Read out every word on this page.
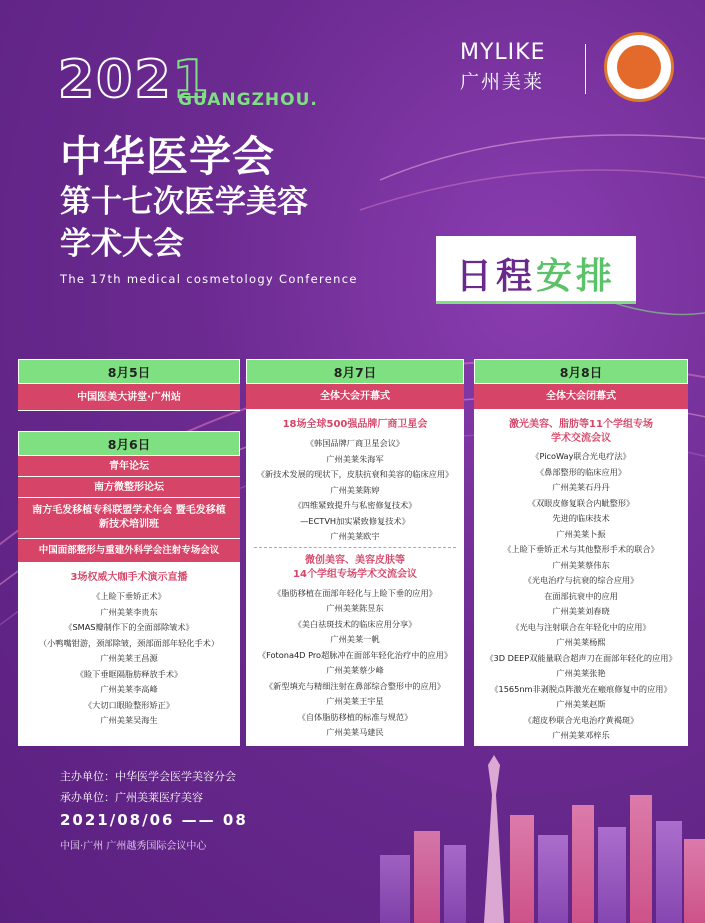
2021
GUANGZHOU.
中华医学会
第十七次医学美容
学术大会
The 17th medical cosmetology Conference
MYLIKE
广州美莱
日程安排
8月5日
中国医美大讲堂·广州站
8月6日
青年论坛
南方微整形论坛
南方毛发移植专科联盟学术年会 暨毛发移植新技术培训班
中国面部整形与重建外科学会注射专场会议
3场权威大咖手术演示直播
《上睑下垂矫正术》
广州美莱李贵东
《SMAS瓣制作下的全面部除皱术》
（小鸭嘴钳游，颈部除皱，颈部面部年轻化手术）
广州美莱王昌源
《睑下垂眶隔脂肪释放手术》
广州美莱李高峰
《大切口眼睑整形矫正》
广州美莱吴海生
8月7日
全体大会开幕式
18场全球500强品牌厂商卫星会
《韩国品牌厂商卫星会议》
广州美莱朱海军
《新技术发展的现状下，皮肤抗衰和美容的临床应用》
广州美莱陈婷
《四维紧致提升与私密修复技术》
—ECTVH加实紧致修复技术》
广州美莱欧宇
微创美容、美容皮肤等
14个学组专场学术交流会议
《脂肪移植在面部年轻化与上睑下垂的应用》
广州美莱陈昱东
《美白祛斑技术的临床应用分享》
广州美莱一帆
《Fotona4D Pro超脉冲在面部年轻化治疗中的应用》
广州美莱蔡少峰
《新型填充与精细注射在鼻部综合整形中的应用》
广州美莱王宇星
《自体脂肪移植的标准与规范》
广州美莱马建民
8月8日
全体大会闭幕式
激光美容、脂肪等11个学组专场
学术交流会议
《PicoWay联合光电疗法》
《鼻部整形的临床应用》
广州美莱石丹丹
《双眼皮修复联合内眦整形》
先进的临床技术
广州美莱卜振
《上睑下垂矫正术与其他整形手术的联合》
广州美莱蔡伟东
《光电治疗与抗衰的综合应用》
在面部抗衰中的应用
广州美莱刘春晓
《光电与注射联合在年轻化中的应用》
广州美莱杨熙
《3D DEEP双能量联合超声刀在面部年轻化的应用》
广州美莱张艳
《1565nm非剥脱点阵激光在瘢痕修复中的应用》
广州美莱赵斯
《超皮秒联合光电治疗黄褐斑》
广州美莱邓梓乐
主办单位：中华医学会医学美容分会
承办单位：广州美莱医疗美容
2021/08/06 —— 08
中国·广州 广州越秀国际会议中心
